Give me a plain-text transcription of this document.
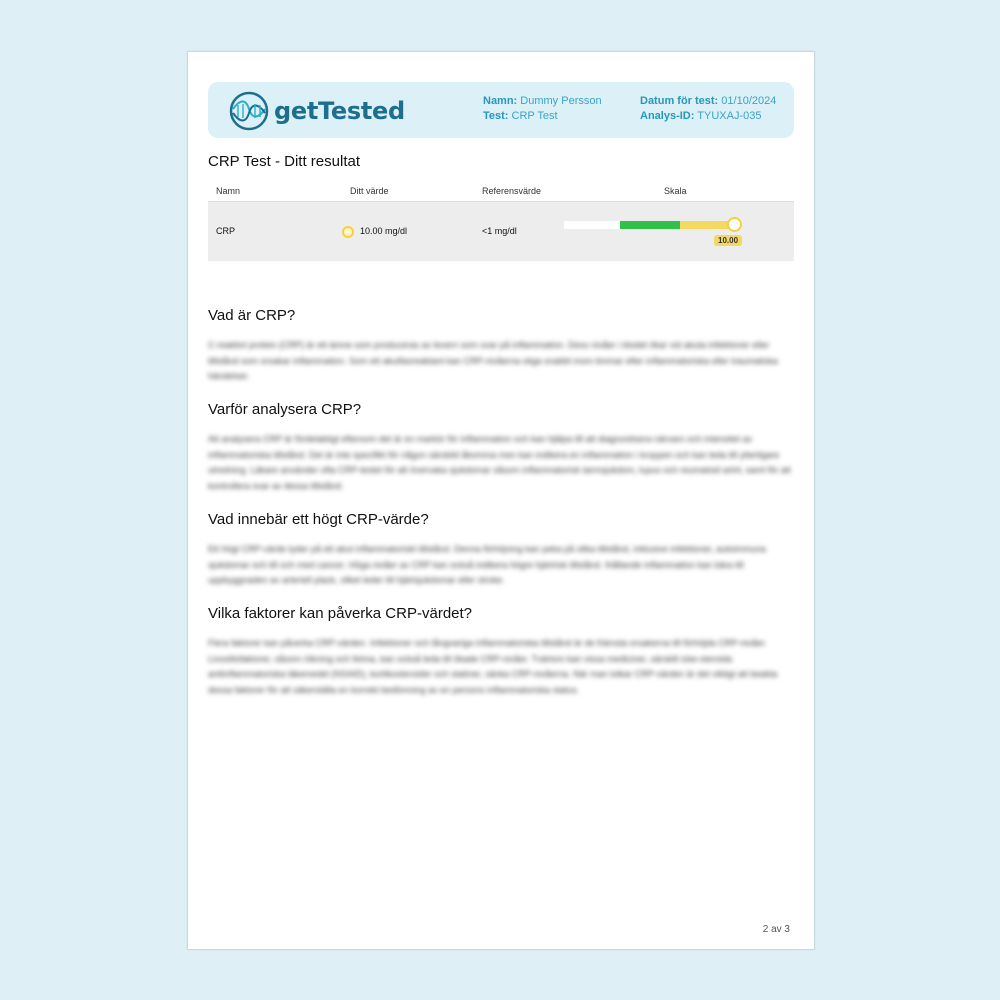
getTested	Namn: Dummy Persson
Test: CRP Test
Datum för test: 01/10/2024
Analys-ID: TYUXAJ-035
CRP Test - Ditt resultat
Namn	Ditt värde	Referensvärde	Skala
CRP	10.00 mg/dl	<1 mg/dl
10.00
Vad är CRP?
C-reaktivt protein (CRP) är ett ämne som produceras av levern som svar på inflammation. Dess nivåer i blodet ökar vid akuta infektioner eller tillstånd som orsakar inflammation. Som ett akutfasreaktant kan CRP-nivåerna stiga snabbt inom timmar efter inflammatoriska eller traumatiska händelser.
Varför analysera CRP?
Att analysera CRP är fördelaktigt eftersom det är en markör för inflammation och kan hjälpa till att diagnostisera närvaro och intensitet av inflammatoriska tillstånd. Det är inte specifikt för någon särskild åkomma men kan indikera en inflammation i kroppen och kan leda till ytterligare utredning. Läkare använder ofta CRP-testet för att övervaka sjukdomar såsom inflammatorisk tarmsjukdom, lupus och reumatoid artrit, samt för att kontrollera svar av dessa tillstånd.
Vad innebär ett högt CRP-värde?
Ett högt CRP-värde tyder på ett akut inflammatoriskt tillstånd. Denna förhöjning kan peka på olika tillstånd, inklusive infektioner, autoimmuna sjukdomar och till och med cancer. Höga nivåer av CRP kan också indikera högre hjärtrisk tillstånd. Ihållande inflammation kan bära till uppbyggnaden av arteriell plack, vilket leder till hjärtsjukdomar eller stroke.
Vilka faktorer kan påverka CRP-värdet?
Flera faktorer kan påverka CRP-värden. Infektioner och långvariga inflammatoriska tillstånd är de främsta orsakerna till förhöjda CRP-nivåer. Livsstilsfaktorer, såsom rökning och fetma, kan också leda till ökade CRP-nivåer. Tvärtom kan vissa mediciner, särskilt icke-steroida antiinflammatoriska läkemedel (NSAID), kortikosteroider och statiner, sänka CRP-nivåerna. När man tolkar CRP-värden är det viktigt att beakta dessa faktorer för att säkerställa en korrekt bedömning av en persons inflammatoriska status.
2 av 3
